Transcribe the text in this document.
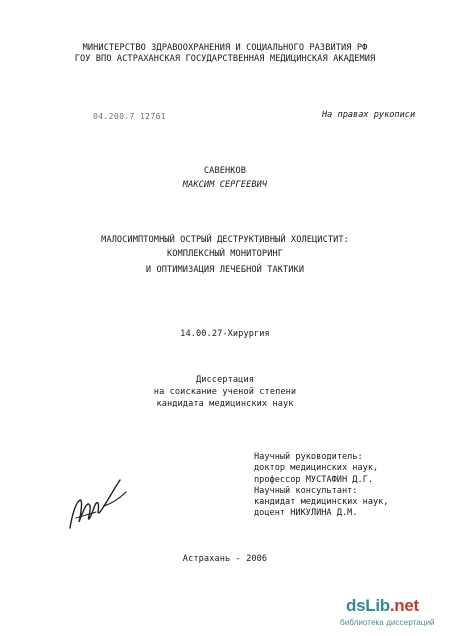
МИНИСТЕРСТВО ЗДРАВООХРАНЕНИЯ И СОЦИАЛЬНОГО РАЗВИТИЯ РФ
ГОУ ВПО АСТРАХАНСКАЯ ГОСУДАРСТВЕННАЯ МЕДИЦИНСКАЯ АКАДЕМИЯ
04.200.7 12761	На правах рукописи
САВЕНКОВ
МАКСИМ СЕРГЕЕВИЧ
МАЛОСИМПТОМНЫЙ ОСТРЫЙ ДЕСТРУКТИВНЫЙ ХОЛЕЦИСТИТ:
КОМПЛЕКСНЫЙ МОНИТОРИНГ
И ОПТИМИЗАЦИЯ ЛЕЧЕБНОЙ ТАКТИКИ
14.00.27-Хирургия
Диссертация
на соискание ученой степени
кандидата медицинских наук
Научный руководитель:
доктор медицинских наук,
профессор МУСТАФИН Д.Г.
Научный консультант:
кандидат медицинских наук,
доцент НИКУЛИНА Д.М.
Астрахань - 2006
dsLib.net
библиотека диссертаций
